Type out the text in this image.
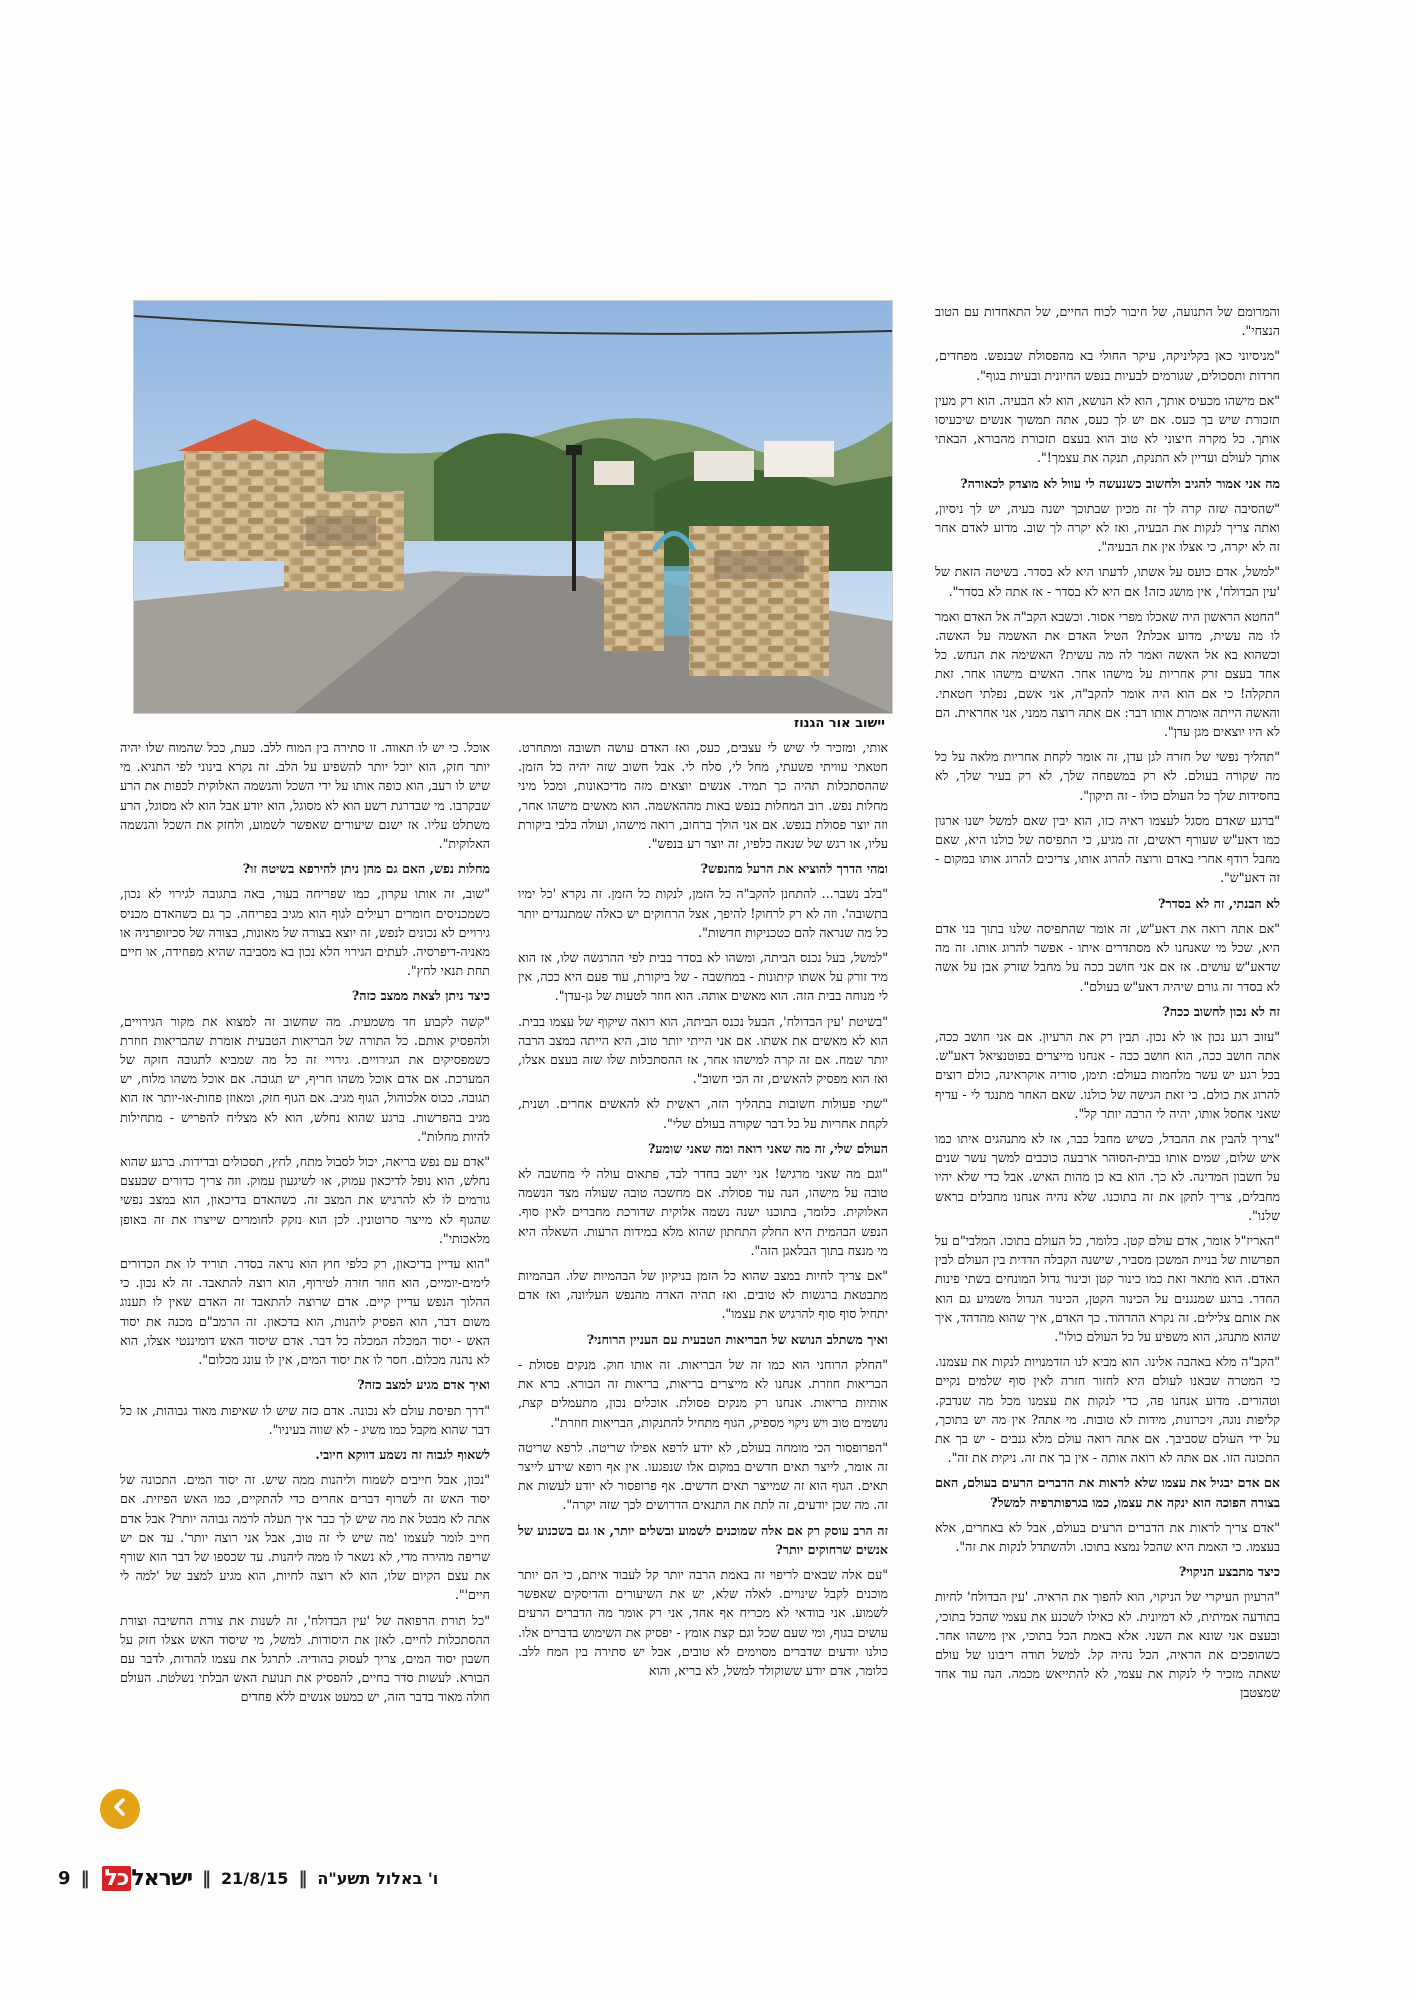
יישוב אור הגנוז

והמרומם של התנועה, של חיבור לכוח החיים, של התאחדות עם הטוב הנצחי".

"מניסיוני כאן בקליניקה, עיקר החולי בא מהפסולת שבנפש. מפחדים, חרדות ותסכולים, שגורמים לבעיות בנפש החיונית ובעיות בגוף".

"אם מישהו מכעיס אותך, הוא לא הנושא, הוא לא הבעיה. הוא רק מעין תזכורת שיש בך כעס. אם יש לך כעס, אתה תמשוך אנשים שיכעיסו אותך. כל מקרה חיצוני לא טוב הוא בעצם תזכורת מהבורא, הבאתי אותך לעולם ועדיין לא התנקת, תנקה את עצמך!".

מה אני אמור להגיב ולחשוב כשנעשה לי עוול לא מוצדק לכאורה?

"שהסיבה שזה קרה לך זה מכיון שבתוכך ישנה בעיה, יש לך ניסיון, ואתה צריך לנקות את הבעיה, ואז לא יקרה לך שוב. מדוע לאדם אחר זה לא יקרה, כי אצלו אין את הבעיה".

"למשל, אדם כועס על אשתו, לדעתו היא לא בסדר. בשיטה הזאת של 'עין הבדולח', אין מושג כזה! אם היא לא בסדר - אז אתה לא בסדר".

"החטא הראשון היה שאכלו מפרי אסור. וכשבא הקב"ה אל האדם ואמר לו מה עשית, מדוע אכלת? הטיל האדם את האשמה על האשה. וכשהוא בא אל האשה ואמר לה מה עשית? האשימה את הנחש. כל אחד בעצם זרק אחריות על מישהו אחר. האשים מישהו אחר. זאת התקלה! כי אם הוא היה אומר להקב"ה, אני אשם, נפלתי חטאתי. והאשה הייתה אומרת אותו דבר: אם אתה רוצה ממני, אני אחראית. הם לא היו יוצאים מגן עדן".

"תהליך נפשי של חזרה לגן עדן, זה אומר לקחת אחריות מלאה על כל מה שקורה בעולם. לא רק במשפחה שלך, לא רק בעיר שלך, לא בחסידות שלך כל העולם כולו - זה תיקון".

"ברגע שאדם מסגל לעצמו ראיה כזו, הוא יבין שאם למשל ישנו ארגון כמו דאע"ש שעורף ראשים, זה מגיע, כי התפיסה של כולנו היא, שאם מחבל רודף אחרי באדם ורוצה להרוג אותו, צריכים להרוג אותו במקום - זה דאע"ש".

לא הבנתי, זה לא בסדר?

"אם אתה רואה את דאע"ש, זה אומר שהתפיסה שלנו בתוך בני אדם היא, שכל מי שאנחנו לא מסתדרים איתו - אפשר להרוג אותו. זה מה שדאע"ש עושים. אז אם אני חושב ככה על מחבל שזרק אבן על אשה לא בסדר זה גורם שיהיה דאע"ש בעולם".

זה לא נכון לחשוב ככה?

"עזוב רגע נכון או לא נכון. תבין רק את הרעיון. אם אני חושב ככה, אתה חושב ככה, הוא חושב ככה - אנחנו מייצרים בפוטנציאל דאע"ש. בכל רגע יש עשר מלחמות בעולם: תימן, סוריה אוקראינה, כולם רוצים להרוג את כולם. כי זאת הגישה של כולנו. שאם האחר מתנגד לי - עדיף שאני אחסל אותו, יהיה לי הרבה יותר קל".

"צריך להבין את ההבדל, כשיש מחבל כבר, אז לא מתנהגים איתו כמו איש שלום, שמים אותו בבית-הסוהר ארבעה כוכבים למשך עשר שנים על חשבון המדינה. לא כך. הוא בא כן מהות האיש. אבל כדי שלא יהיו מחבלים, צריך לתקן את זה בתוכנו. שלא נהיה אנחנו מחבלים בראש שלנו".

"האריז"ל אומר, אדם עולם קטן. כלומר, כל העולם בתוכו. המלבי"ם על הפרשות של בניית המשכן מסביר, שישנה הקבלה הדדית בין העולם לבין האדם. הוא מתאר זאת כמו כינור קטן וכינור גדול המונחים בשתי פינות החדר. ברגע שמנגנים על הכינור הקטן, הכינור הגדול משמיע גם הוא את אותם צלילים. זה נקרא ההדהוד. כך האדם, איך שהוא מהדהד, איך שהוא מתנהג, הוא משפיע על כל העולם כולו".

"הקב"ה מלא באהבה אלינו. הוא מביא לנו הזדמנויות לנקות את עצמנו. כי המטרה שבאנו לעולם היא לחזור חזרה לאין סוף שלמים נקיים וטהורים. מדוע אנחנו פה, כדי לנקות את עצמנו מכל מה שנדבק. קליפות נוגה, זיכרונות, מידות לא טובות. מי אתה? אין מה יש בתוכך, על ידי העולם שסביבך. אם אתה רואה עולם מלא גנבים - יש בך את התכונה הזו. אם אתה לא רואה אותה - אין בך את זה. ניקית את זה".

אם אדם יבגיל את עצמו שלא לראות את הדברים הרעים בעולם, האם בצורה הפוכה הוא ינקה את עצמו, כמו בגרפותרפיה למשל?

"אדם צריך לראות את הדברים הרעים בעולם, אבל לא באחרים, אלא בעצמו. כי האמת היא שהכל נמצא בתוכו. ולהשתדל לנקות את זה".

כיצד מתבצע הניקוי?

"הרעיון העיקרי של הניקוי, הוא להפוך את הראיה. 'עין הבדולח' לחיות בתודעה אמיתית, לא דמיונית. לא כאילו לשכנע את עצמי שהכל בתוכי, ובעצם אני שונא את השני. אלא באמת הכל בתוכי, אין מישהו אחר. כשהופכים את הראיה, הכל נהיה קל. למשל תודה ריבונו של עולם שאתה מזכיר לי לנקות את עצמי, לא להתייאש מכמה. הנה עוד אחד שמצטבן

אותי, ומזכיר לי שיש לי עצבים, כעס, ואז האדם עושה תשובה ומתחרט. חטאתי עוויתי פשעתי, מחל לי, סלח לי. אבל חשוב שזה יהיה כל הזמן. שההסתכלות תהיה כך תמיד. אנשים יוצאים מזה מדיכאונות, ומכל מיני מחלות נפש. רוב המחלות בנפש באות מההאשמה. הוא מאשים מישהו אחר, וזה יוצר פסולת בנפש. אם אני הולך ברחוב, רואה מישהו, ועולה בלבי ביקורת עליו, או רגש של שנאה כלפיו, זה יוצר רע בנפש".

ומהי הדרך להוציא את הרעל מהנפש?

"בלב נשבר... להתחנן להקב"ה כל הזמן, לנקות כל הזמן. זה נקרא 'כל ימיו בתשובה'. וזה לא רק לרחוק! להיפך, אצל הרחוקים יש כאלה שמתנגדים יותר כל מה שנראה להם כטכניקות חדשות".

"למשל, בעל נכנס הביתה, ומשהו לא בסדר בבית לפי ההרגשה שלו, אז הוא מיד זורק על אשתו קיתונות - במחשבה - של ביקורת, עוד פעם היא ככה, אין לי מנוחה בבית הזה. הוא מאשים אותה. הוא חוזר לטעות של גן-עדן".

"בשיטת 'עין הבדולח', הבעל נכנס הביתה, הוא רואה שיקוף של עצמו בבית. הוא לא מאשים את אשתו. אם אני הייתי יותר טוב, היא הייתה במצב הרבה יותר שמח. אם זה קרה למישהו אחר, אז ההסתכלות שלו שזה בעצם אצלו, ואז הוא מפסיק להאשים, זה הכי חשוב".

"שתי פעולות חשובות בתהליך הזה, ראשית לא להאשים אחרים. ושנית, לקחת אחריות על כל דבר שקורה בעולם שלי".

העולם שלי, זה מה שאני רואה ומה שאני שומע?

"וגם מה שאני מרגיש! אני יושב בחדר לבד, פתאום עולה לי מחשבה לא טובה על מישהו, הנה עוד פסולת. אם מחשבה טובה שעולה מצד הנשמה האלוקית. כלומר, בתוכנו ישנה נשמה אלוקית שדורכת מחברים לאין סוף. הנפש הבהמית היא החלק התחתון שהוא מלא במידות הרעות. השאלה היא מי מנצח בתוך הבלאגן הזה".

"אם צריך לחיות במצב שהוא כל הזמן בניקיון של הבהמיות שלו. הבהמיות מתבטאת ברגשות לא טובים. ואז תהיה הארה מהנפש העליונה, ואז אדם יתחיל סוף סוף להרגיש את עצמו".

ואיך משתלב הנושא של הבריאות הטבעית עם העניין הרוחני?

"החלק הרוחני הוא כמו זה של הבריאות. זה אותו חוק. מנקים פסולת - הבריאות חוזרת. אנחנו לא מייצרים בריאות, בריאות זה הבורא. ברא את אותיות בריאות. אנחנו רק מנקים פסולת. אוכלים נכון, מתעמלים קצת, נושמים טוב ויש ניקוי מספיק, הגוף מתחיל להתנקות, הבריאות חוזרת".

"הפרופסור הכי מומחה בעולם, לא יודע לרפא אפילו שריטה. לרפא שריטה זה אומר, לייצר תאים חדשים במקום אלו שנפגעו. אין אף רופא שידע לייצר תאים. הגוף הוא זה שמייצר תאים חדשים. אף פרופסור לא יודע לעשות את זה. מה שכן יודעים, זה לתת את התנאים הדרושים לכך שזה יקרה".

זה הרב עוסק רק אם אלה שמוכנים לשמוע ובשלים יותר, או גם בשכנוע של אנשים שרחוקים יותר?

"עם אלה שבאים לריפוי זה באמת הרבה יותר קל לעבוד איתם, כי הם יותר מוכנים לקבל שינויים. לאלה שלא, יש את השיעורים והדיסקים שאפשר לשמוע. אני בוודאי לא מכריח אף אחד, אני רק אומר מה הדברים הרעים עושים בגוף, ומי שעם שכל וגם קצת אומץ - יפסיק את השימוש בדברים אלו. כולנו יודעים שדברים מסוימים לא טובים, אבל יש סתירה בין המח ללב. כלומר, אדם יודע ששוקולד למשל, לא בריא, והוא

אוכל. כי יש לו תאווה. זו סתירה בין המוח ללב. כעת, ככל שהמוח שלו יהיה יותר חזק, הוא יוכל יותר להשפיע על הלב. זה נקרא בינוני לפי התניא. מי שיש לו רעב, הוא כופה אותו על ידי השכל והנשמה האלוקית לכפות את הרע שבקרבו. מי שבדרגת רשע הוא לא מסוגל, הוא יודע אבל הוא לא מסוגל, הרע משתלט עליו. אז ישנם שיעורים שאפשר לשמוע, ולחזק את השכל והנשמה האלוקית".

מחלות נפש, האם גם מהן ניתן להירפא בשיטה זו?

"שוב, זה אותו עקרון, כמו שפריחה בעור, באה בתגובה לגירוי לא נכון, כשמכניסים חומרים רעילים לגוף הוא מגיב בפריחה. כך גם כשהאדם מכניס גירויים לא נכונים לנפש, זה יוצא בצורה של מאונות, בצורה של סכיזופרניה או מאניה-דיפרסיה. לעתים הגירוי הלא נכון בא מסביבה שהיא מפחידה, או חיים תחת תנאי לחץ".

כיצד ניתן לצאת ממצב כזה?

"קשה לקבוע חד משמעית. מה שחשוב זה למצוא את מקור הגירויים, ולהפסיק אותם. כל התורה של הבריאות הטבעית אומרת שהבריאות חוזרת כשמפסיקים את הגירויים. גירויי זה כל מה שמביא לתגובה חזקה של המערכת. אם אדם אוכל משהו חריף, יש תגובה. אם אוכל משהו מלוח, יש תגובה. ככוס אלכוהול, הגוף מגיב. אם הגוף חזק, ומאוזן פחות-או-יותר אז הוא מגיב בהפרשות. ברגע שהוא נחלש, הוא לא מצליח להפריש - מתחילות להיות מחלות".

"אדם עם נפש בריאה, יכול לסבול מתח, לחץ, תסכולים ובדידות. ברגע שהוא נחלש, הוא נופל לדיכאון עמוק, או לשיגעון עמוק. וזה צריך כדורים שבעצם גורמים לו לא להרגיש את המצב זה. כשהאדם בדיכאון, הוא במצב נפשי שהגוף לא מייצר סרוטונין. לכן הוא נזקק לחומרים שייצרו את זה באופן מלאכותי".

"הוא עדיין בדיכאון, רק כלפי חוץ הוא נראה בסדר. תוריד לו את הכדורים לימים-יומיים, הוא חוזר חזרה לטירוף, הוא רוצה להתאבד. זה לא נכון. כי ההלוך הנפש עדיין קיים. אדם שרוצה להתאבד זה האדם שאין לו תענוג משום דבר, הוא הפסיק ליהנות, הוא בדכאון. זה הרמב"ם מכנה את יסוד האש - יסוד המכלה המכלה כל דבר. אדם שיסוד האש דומיננטי אצלו, הוא לא נהנה מכלום. חסר לו את יסוד המים, אין לו עונג מכלום".

ואיך אדם מגיע למצב כזה?

"דרך תפיסת עולם לא נכונה. אדם כזה שיש לו שאיפות מאוד גבוהות, אז כל דבר שהוא מקבל כמו משיג - לא שווה בעיניו".

לשאוף לגבוה זה נשמע דווקא חיובי.

"נכון, אבל חייבים לשמוח וליהנות ממה שיש. זה יסוד המים. התכונה של יסוד האש זה לשרוף דברים אחרים כדי להתקיים, כמו האש הפיזית. אם אתה לא מבטל את מה שיש לך כבר איך תעלה לרמה גבוהה יותר? אבל אדם חייב לומר לעצמו 'מה שיש לי זה טוב, אבל אני רוצה יותר'. עד אם יש שריפה מהירה מדי, לא נשאר לו ממה ליהנות. עד שכספו של דבר הוא שורף את עצם הקיום שלו, הוא לא רוצה לחיות, הוא מגיע למצב של 'למה לי חיים'".

"כל תורת הרפואה של 'עין הבדולח', זה לשנות את צורת החשיבה וצורת ההסתכלות לחיים. לאזן את היסודות. למשל, מי שיסוד האש אצלו חזק על חשבון יסוד המים, צריך לעסוק בהודיה. לתרגל את עצמו להודות, לדבר עם הבורא. לעשות סדר בחיים, להפסיק את תנועת האש הבלתי נשלטת. העולם חולה מאוד בדבר הזה, יש כמעט אנשים ללא פחדים

9 ‖	ישראלכל	‖ 21/8/15 ‖ ו' באלול תשע"ה
